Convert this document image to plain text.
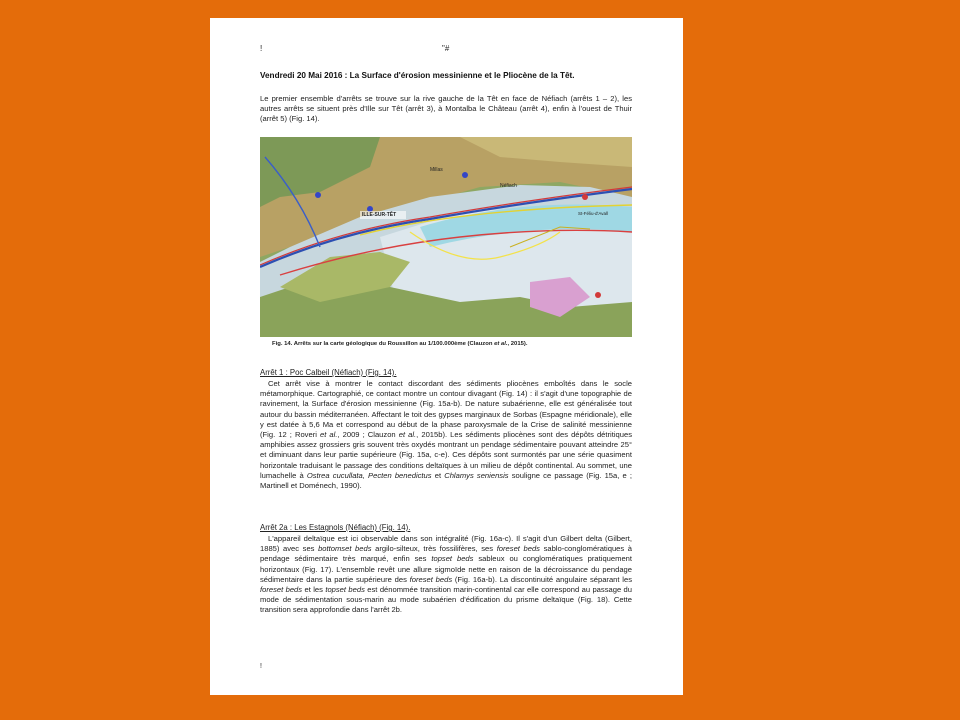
!	"#
Vendredi 20 Mai 2016 : La Surface d'érosion messinienne et le Pliocène de la Têt.

Le premier ensemble d'arrêts se trouve sur la rive gauche de la Têt en face de Néfiach (arrêts 1 – 2), les autres arrêts se situent près d'Ille sur Têt (arrêt 3), à Montalba le Château (arrêt 4), enfin à l'ouest de Thuir (arrêt 5) (Fig. 14).

ILLE-SUR-TÊT
Néfiach
St-Féliu-d'Avall
Millas
Fig. 14. Arrêts sur la carte géologique du Roussillon au 1/100.000ème (Clauzon et al., 2015).
Arrêt 1 : Poc Calbeil (Néfiach) (Fig. 14).

Cet arrêt vise à montrer le contact discordant des sédiments pliocènes emboîtés dans le socle métamorphique. Cartographié, ce contact montre un contour divagant (Fig. 14) : il s'agit d'une topographie de ravinement, la Surface d'érosion messinienne (Fig. 15a-b). De nature subaérienne, elle est généralisée tout autour du bassin méditerranéen. Affectant le toit des gypses marginaux de Sorbas (Espagne méridionale), elle y est datée à 5,6 Ma et correspond au début de la phase paroxysmale de la Crise de salinité messinienne (Fig. 12 ; Roveri et al., 2009 ; Clauzon et al., 2015b). Les sédiments pliocènes sont des dépôts détritiques amphibies assez grossiers gris souvent très oxydés montrant un pendage sédimentaire pouvant atteindre 25° et diminuant dans leur partie supérieure (Fig. 15a, c-e). Ces dépôts sont surmontés par une série quasiment horizontale traduisant le passage des conditions deltaïques à un milieu de dépôt continental. Au sommet, une lumachelle à Ostrea cucullata, Pecten benedictus et Chlamys seniensis souligne ce passage (Fig. 15a, e ; Martinell et Doménech, 1990).

Arrêt 2a : Les Estagnols (Néfiach) (Fig. 14).

L'appareil deltaïque est ici observable dans son intégralité (Fig. 16a-c). Il s'agit d'un Gilbert delta (Gilbert, 1885) avec ses bottomset beds argilo-silteux, très fossilifères, ses foreset beds sablo-conglomératiques à pendage sédimentaire très marqué, enfin ses topset beds sableux ou conglomératiques pratiquement horizontaux (Fig. 17). L'ensemble revêt une allure sigmoïde nette en raison de la décroissance du pendage sédimentaire dans la partie supérieure des foreset beds (Fig. 16a-b). La discontinuité angulaire séparant les foreset beds et les topset beds est dénommée transition marin-continental car elle correspond au passage du mode de sédimentation sous-marin au mode subaérien d'édification du prisme deltaïque (Fig. 18). Cette transition sera approfondie dans l'arrêt 2b.

!
